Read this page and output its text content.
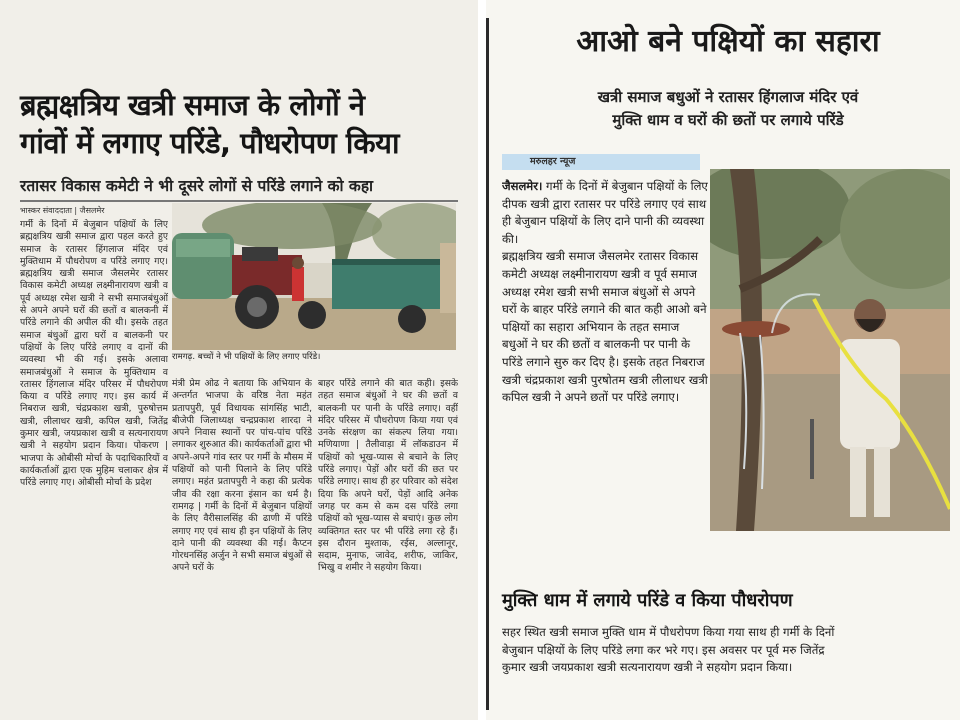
ब्रह्मक्षत्रिय खत्री समाज के लोगों ने
गांवों में लगाए परिंडे, पौधरोपण किया
रतासर विकास कमेटी ने भी दूसरे लोगों से परिंडे लगाने को कहा
भास्कर संवाददाता | जैसलमेर
रामगढ़. बच्चों ने भी पक्षियों के लिए लगाए परिंडे।
गर्मी के दिनों में बेजुबान पक्षियों के लिए ब्रह्मक्षत्रिय खत्री समाज द्वारा पहल करते हुए समाज के रतासर हिंगलाज मंदिर एवं मुक्तिधाम में पौधरोपण व परिंडे लगाए गए। ब्रह्मक्षत्रिय खत्री समाज जैसलमेर रतासर विकास कमेटी अध्यक्ष लक्ष्मीनारायण खत्री व पूर्व अध्यक्ष रमेश खत्री ने सभी समाजबंधुओं से अपने अपने घरों की छतों व बालकनी में परिंडे लगाने की अपील की थी। इसके तहत समाज बंधुओं द्वारा घरों व बालकनी पर पक्षियों के लिए परिंडे लगाए व दानों की व्यवस्था भी की गई। इसके अलावा समाजबंधुओं ने समाज के मुक्तिधाम व रतासर हिंगलाज मंदिर परिसर में पौधरोपण किया व परिंडे लगाए गए। इस कार्य में निबराज खत्री, चंद्रप्रकाश खत्री, पुरुषोत्तम खत्री, लीलाधर खत्री, कपिल खत्री, जितेंद्र कुमार खत्री, जयप्रकाश खत्री व सत्यनारायण खत्री ने सहयोग प्रदान किया। पोकरण | भाजपा के ओबीसी मोर्चा के पदाधिकारियों व कार्यकर्ताओं द्वारा एक मुहिम चलाकर क्षेत्र में परिंडे लगाए गए। ओबीसी मोर्चा के प्रदेश
मंत्री प्रेम ओढ ने बताया कि अभियान के अन्तर्गत भाजपा के वरिष्ठ नेता महंत प्रतापपुरी, पूर्व विधायक सांगसिंह भाटी, बीजेपी जिलाध्यक्ष चन्द्रप्रकाश शारदा ने अपने निवास स्थानों पर पांच-पांच परिंडे लगाकर शुरुआत की। कार्यकर्ताओं द्वारा भी अपने-अपने गांव स्तर पर गर्मी के मौसम में पक्षियों को पानी पिलाने के लिए परिंडे लगाए। महंत प्रतापपुरी ने कहा की प्रत्येक जीव की रक्षा करना इंसान का धर्म है। रामगढ़ | गर्मी के दिनों में बेजुबान पक्षियों के लिए वैरीसालसिंह की ढाणी में परिंडे लगाए गए एवं साथ ही इन पक्षियों के लिए दाने पानी की व्यवस्था की गई। कैप्टन गोरधनसिंह अर्जुन ने सभी समाज बंधुओं से अपने घरों के
बाहर परिंडे लगाने की बात कही। इसके तहत समाज बंधुओं ने घर की छतों व बालकनी पर पानी के परिंडे लगाए। वहीं मंदिर परिसर में पौधरोपण किया गया एवं उनके संरक्षण का संकल्प लिया गया। मणियाणा | तैलीवाड़ा में लॉकडाउन में पक्षियों को भूख-प्यास से बचाने के लिए परिंडे लगाए। पेड़ों और घरों की छत पर परिंडे लगाए। साथ ही हर परिवार को संदेश दिया कि अपने घरों, पेड़ों आदि अनेक जगह पर कम से कम दस परिंडे लगा पक्षियों को भूख-प्यास से बचाएं। कुछ लोग व्यक्तिगत स्तर पर भी परिंडे लगा रहे हैं। इस दौरान मुश्ताक, रईस, अल्लानूर, सदाम, मुनाफ, जावेद, शरीफ, जाकिर, भिखु व शमीर ने सहयोग किया।
आओ बने पक्षियों का सहारा
खत्री समाज बधुओं ने रतासर हिंगलाज मंदिर एवं
मुक्ति धाम व घरों की छतों पर लगाये परिंडे
मरुलहर न्यूज

जैसलमेर। गर्मी के दिनों में बेजुबान पक्षियों के लिए दीपक खत्री द्वारा रतासर पर परिंडे लगाए एवं साथ ही बेजुबान पक्षियों के लिए दाने पानी की व्यवस्था की।

ब्रह्मक्षत्रिय खत्री समाज जैसलमेर रतासर विकास कमेटी अध्यक्ष लक्ष्मीनारायण खत्री व पूर्व समाज अध्यक्ष रमेश खत्री सभी समाज बंधुओं से अपने घरों के बाहर परिंडे लगाने की बात कही आओ बने पक्षियों का सहारा अभियान के तहत समाज बधुओं ने घर की छतों व बालकनी पर पानी के परिंडे लगाने सुरु कर दिए है। इसके तहत निबराज खत्री चंद्रप्रकाश खत्री पुरषोतम खत्री लीलाधर खत्री कपिल खत्री ने अपने छतों पर परिंडे लगाए।

मुक्ति धाम में लगाये परिंडे व किया पौधरोपण

सहर स्थित खत्री समाज मुक्ति धाम में पौधरोपण किया गया साथ ही गर्मी के दिनों

बेजुबान पक्षियों के लिए परिंडे लगा कर भरे गए। इस अवसर पर पूर्व मरु जितेंद्र

कुमार खत्री जयप्रकाश खत्री सत्यनारायण खत्री ने सहयोग प्रदान किया।
